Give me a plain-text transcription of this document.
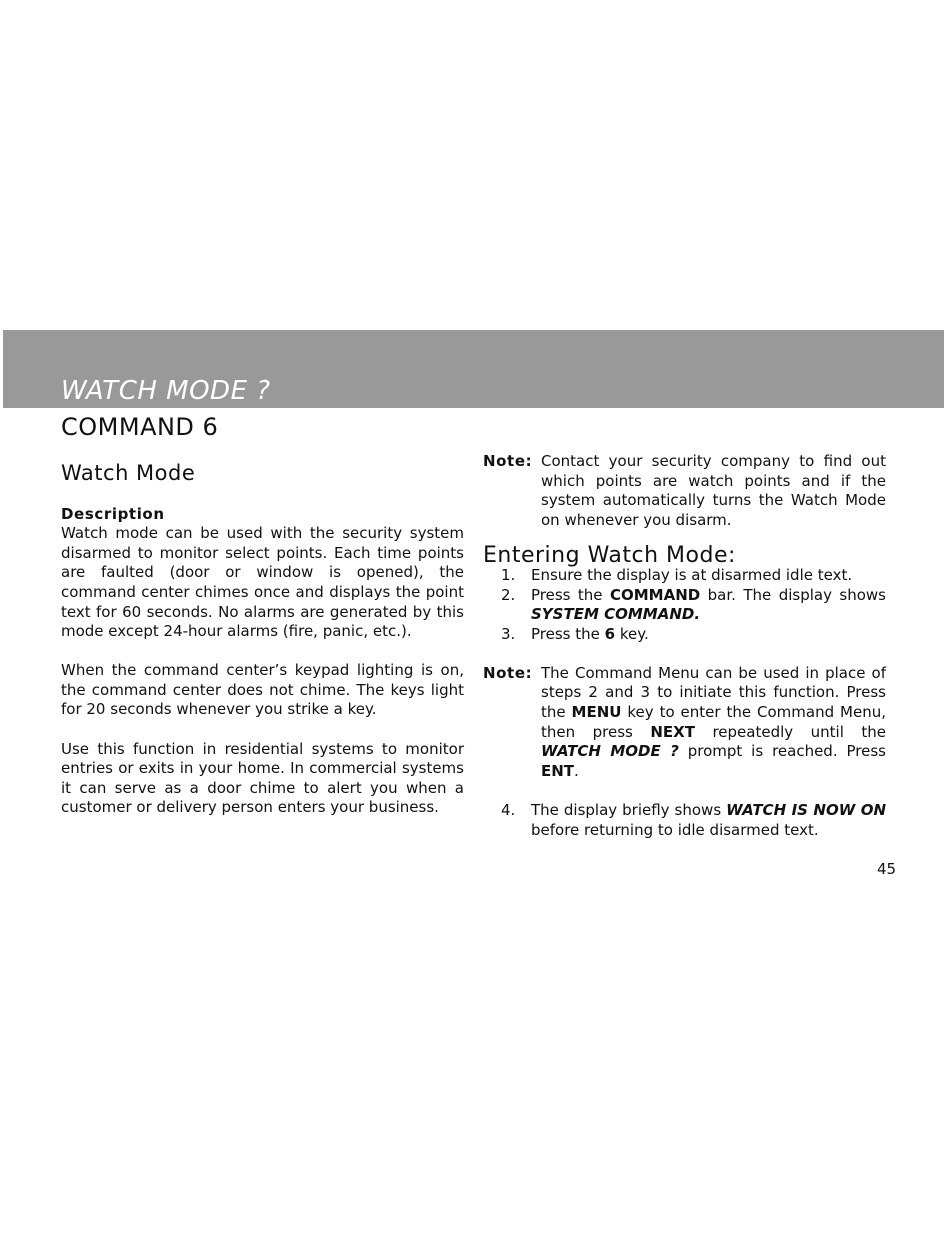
WATCH MODE ?
COMMAND 6
Watch Mode
Description

Watch mode can be used with the security system disarmed to monitor select points. Each time points are faulted (door or window is opened), the command center chimes once and displays the point text for 60 seconds. No alarms are generated by this mode except 24-hour alarms (fire, panic, etc.).

When the command center’s keypad lighting is on, the command center does not chime. The keys light for 20 seconds whenever you strike a key.

Use this function in residential systems to monitor entries or exits in your home. In commercial systems it can serve as a door chime to alert you when a customer or delivery person enters your business.

Note: Contact your security company to find out which points are watch points and if the system automatically turns the Watch Mode on whenever you disarm.
Entering Watch Mode:
1.	Ensure the display is at disarmed idle text.
2.	Press the COMMAND bar. The display shows SYSTEM COMMAND.
3.	Press the 6 key.
Note: The Command Menu can be used in place of steps 2 and 3 to initiate this function. Press the MENU key to enter the Command Menu, then press NEXT repeatedly until the WATCH MODE ? prompt is reached. Press ENT.
4.	The display briefly shows WATCH IS NOW ON before returning to idle disarmed text.
45
